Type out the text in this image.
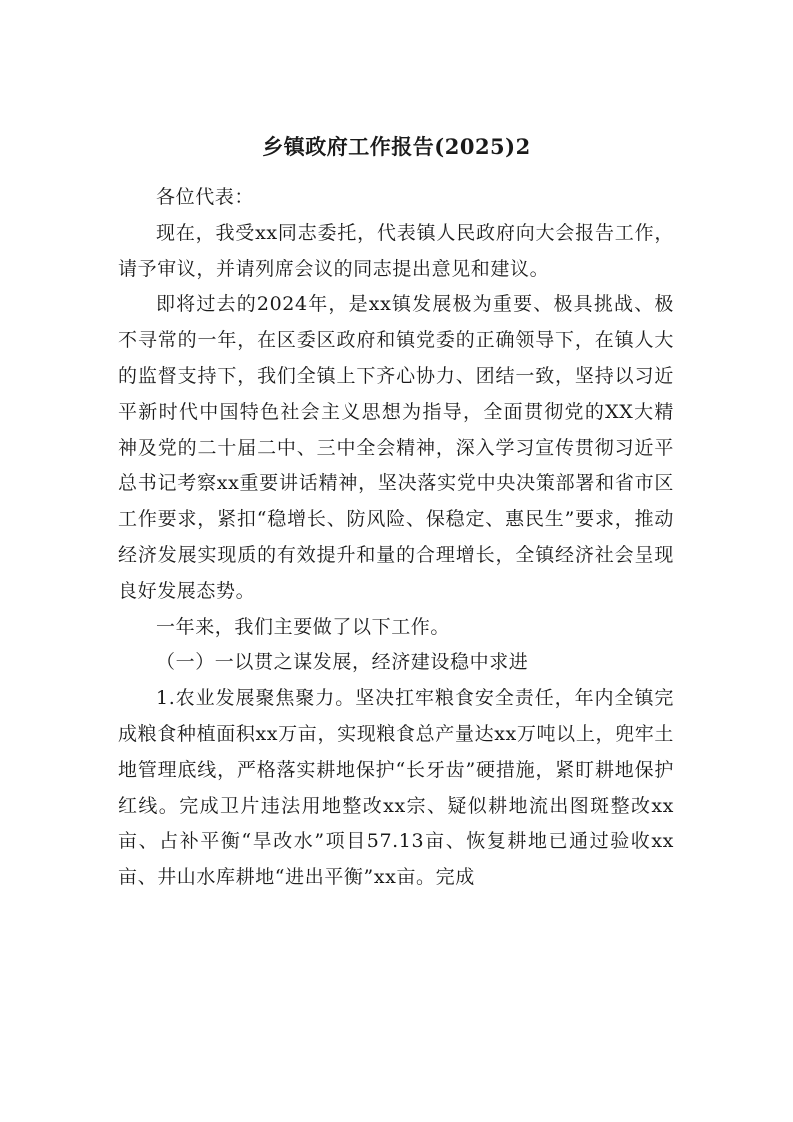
乡镇政府工作报告(2025)2

各位代表：

现在，我受xx同志委托，代表镇人民政府向大会报告工作，请予审议，并请列席会议的同志提出意见和建议。

即将过去的2024年，是xx镇发展极为重要、极具挑战、极不寻常的一年，在区委区政府和镇党委的正确领导下，在镇人大的监督支持下，我们全镇上下齐心协力、团结一致，坚持以习近平新时代中国特色社会主义思想为指导，全面贯彻党的XX大精神及党的二十届二中、三中全会精神，深入学习宣传贯彻习近平总书记考察xx重要讲话精神，坚决落实党中央决策部署和省市区工作要求，紧扣“稳增长、防风险、保稳定、惠民生”要求，推动经济发展实现质的有效提升和量的合理增长，全镇经济社会呈现良好发展态势。

一年来，我们主要做了以下工作。

（一）一以贯之谋发展，经济建设稳中求进

1.农业发展聚焦聚力。坚决扛牢粮食安全责任，年内全镇完成粮食种植面积xx万亩，实现粮食总产量达xx万吨以上，兜牢土地管理底线，严格落实耕地保护“长牙齿”硬措施，紧盯耕地保护红线。完成卫片违法用地整改xx宗、疑似耕地流出图斑整改xx亩、占补平衡“旱改水”项目57.13亩、恢复耕地已通过验收xx亩、井山水库耕地“进出平衡”xx亩。完成
